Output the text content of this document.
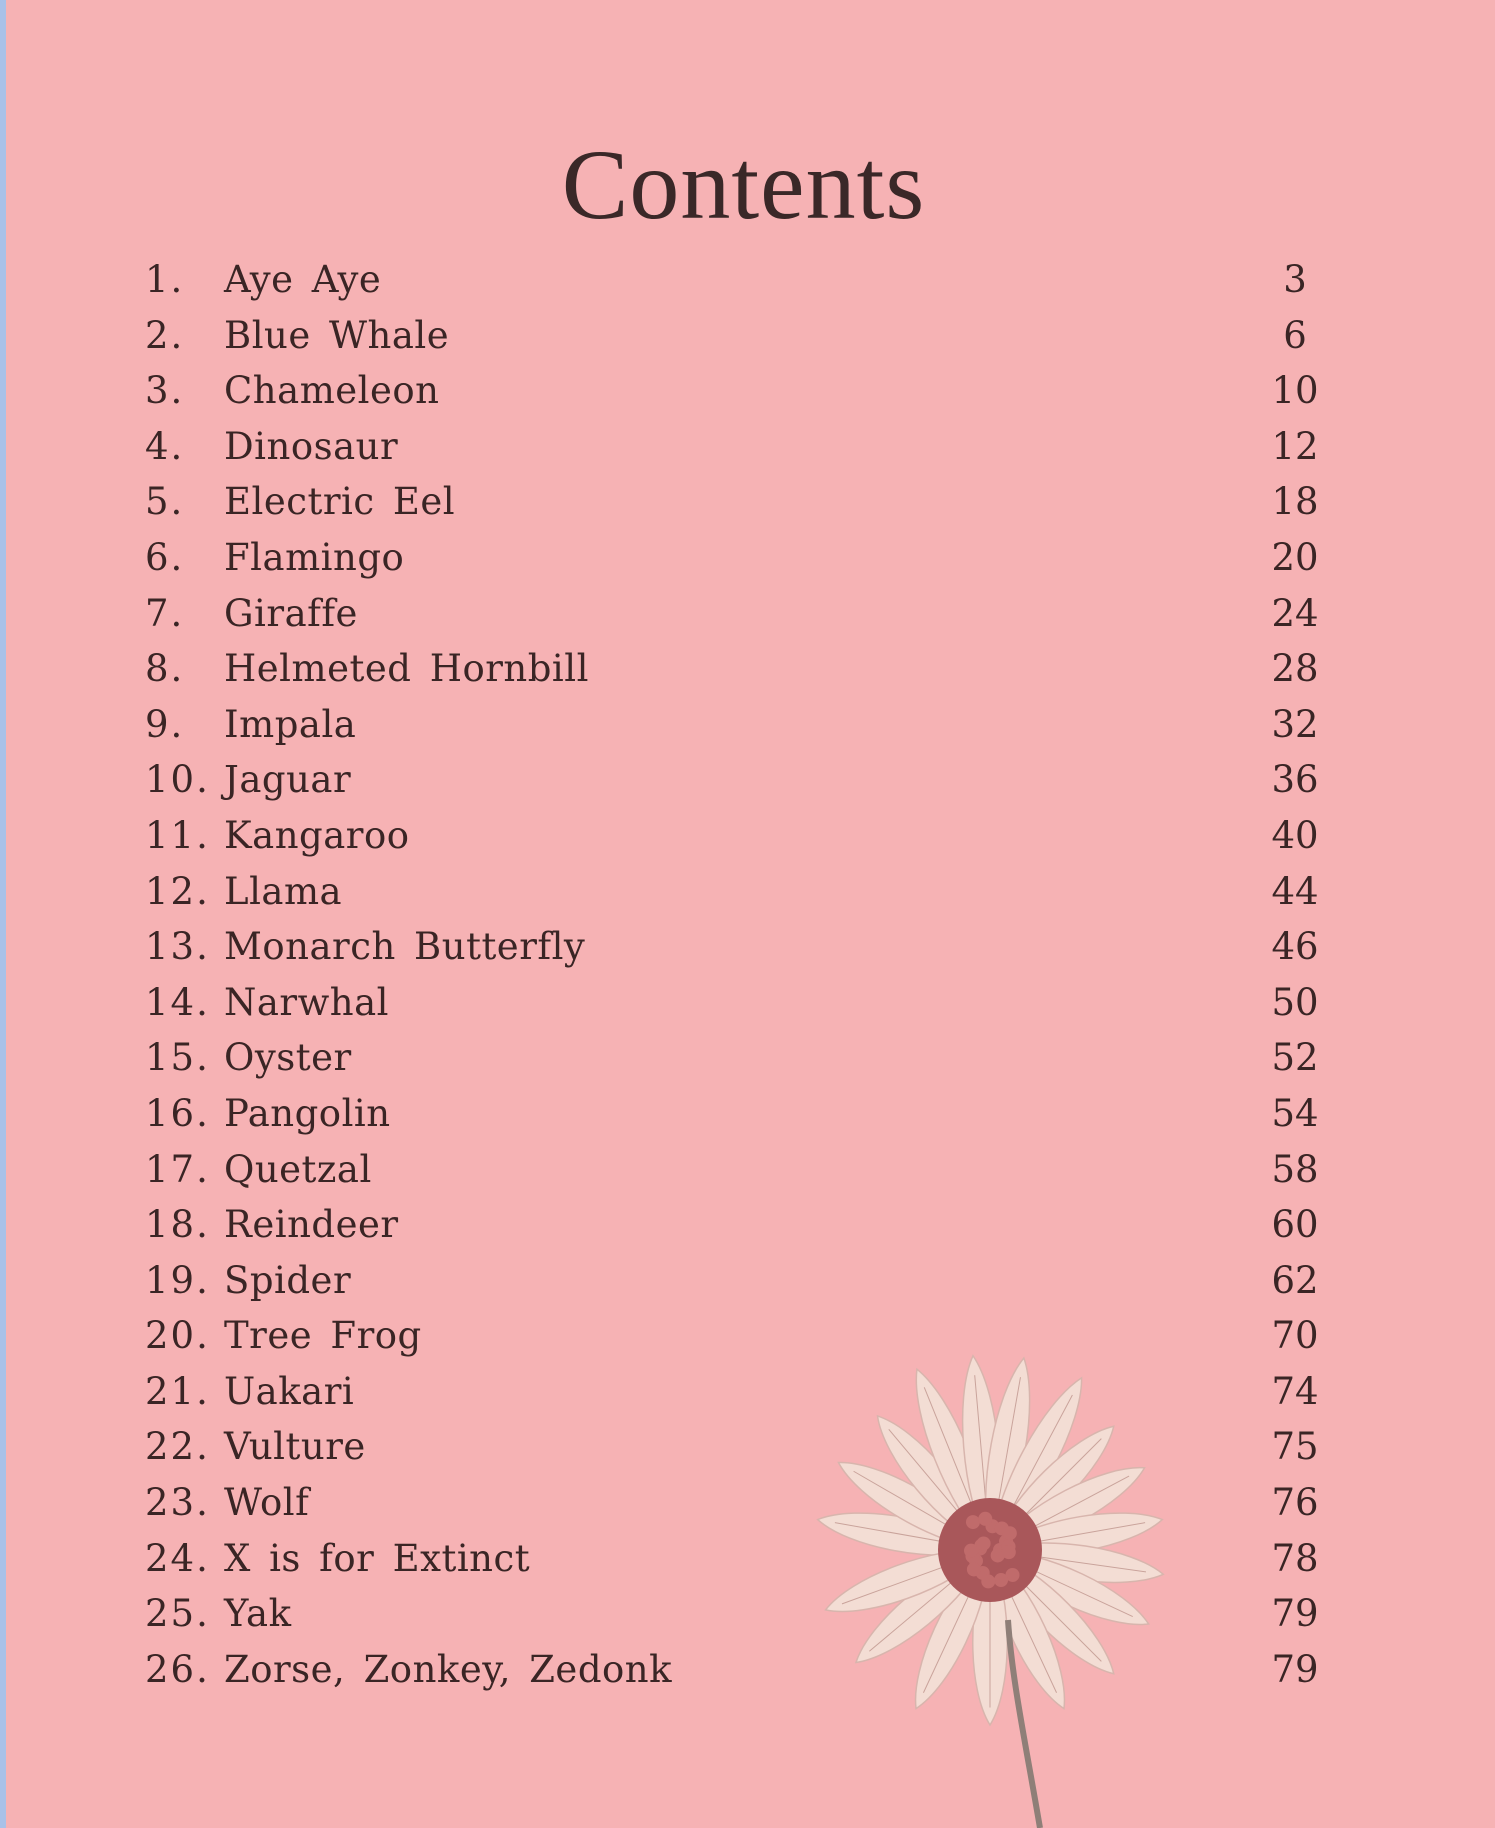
Contents
1. Aye Aye	3
2. Blue Whale	6
3. Chameleon	10
4. Dinosaur	12
5. Electric Eel	18
6. Flamingo	20
7. Giraffe	24
8. Helmeted Hornbill	28
9. Impala	32
10. Jaguar	36
11. Kangaroo	40
12. Llama	44
13. Monarch Butterfly	46
14. Narwhal	50
15. Oyster	52
16. Pangolin	54
17. Quetzal	58
18. Reindeer	60
19. Spider	62
20. Tree Frog	70
21. Uakari	74
22. Vulture	75
23. Wolf	76
24. X is for Extinct	78
25. Yak	79
26. Zorse, Zonkey, Zedonk	79
